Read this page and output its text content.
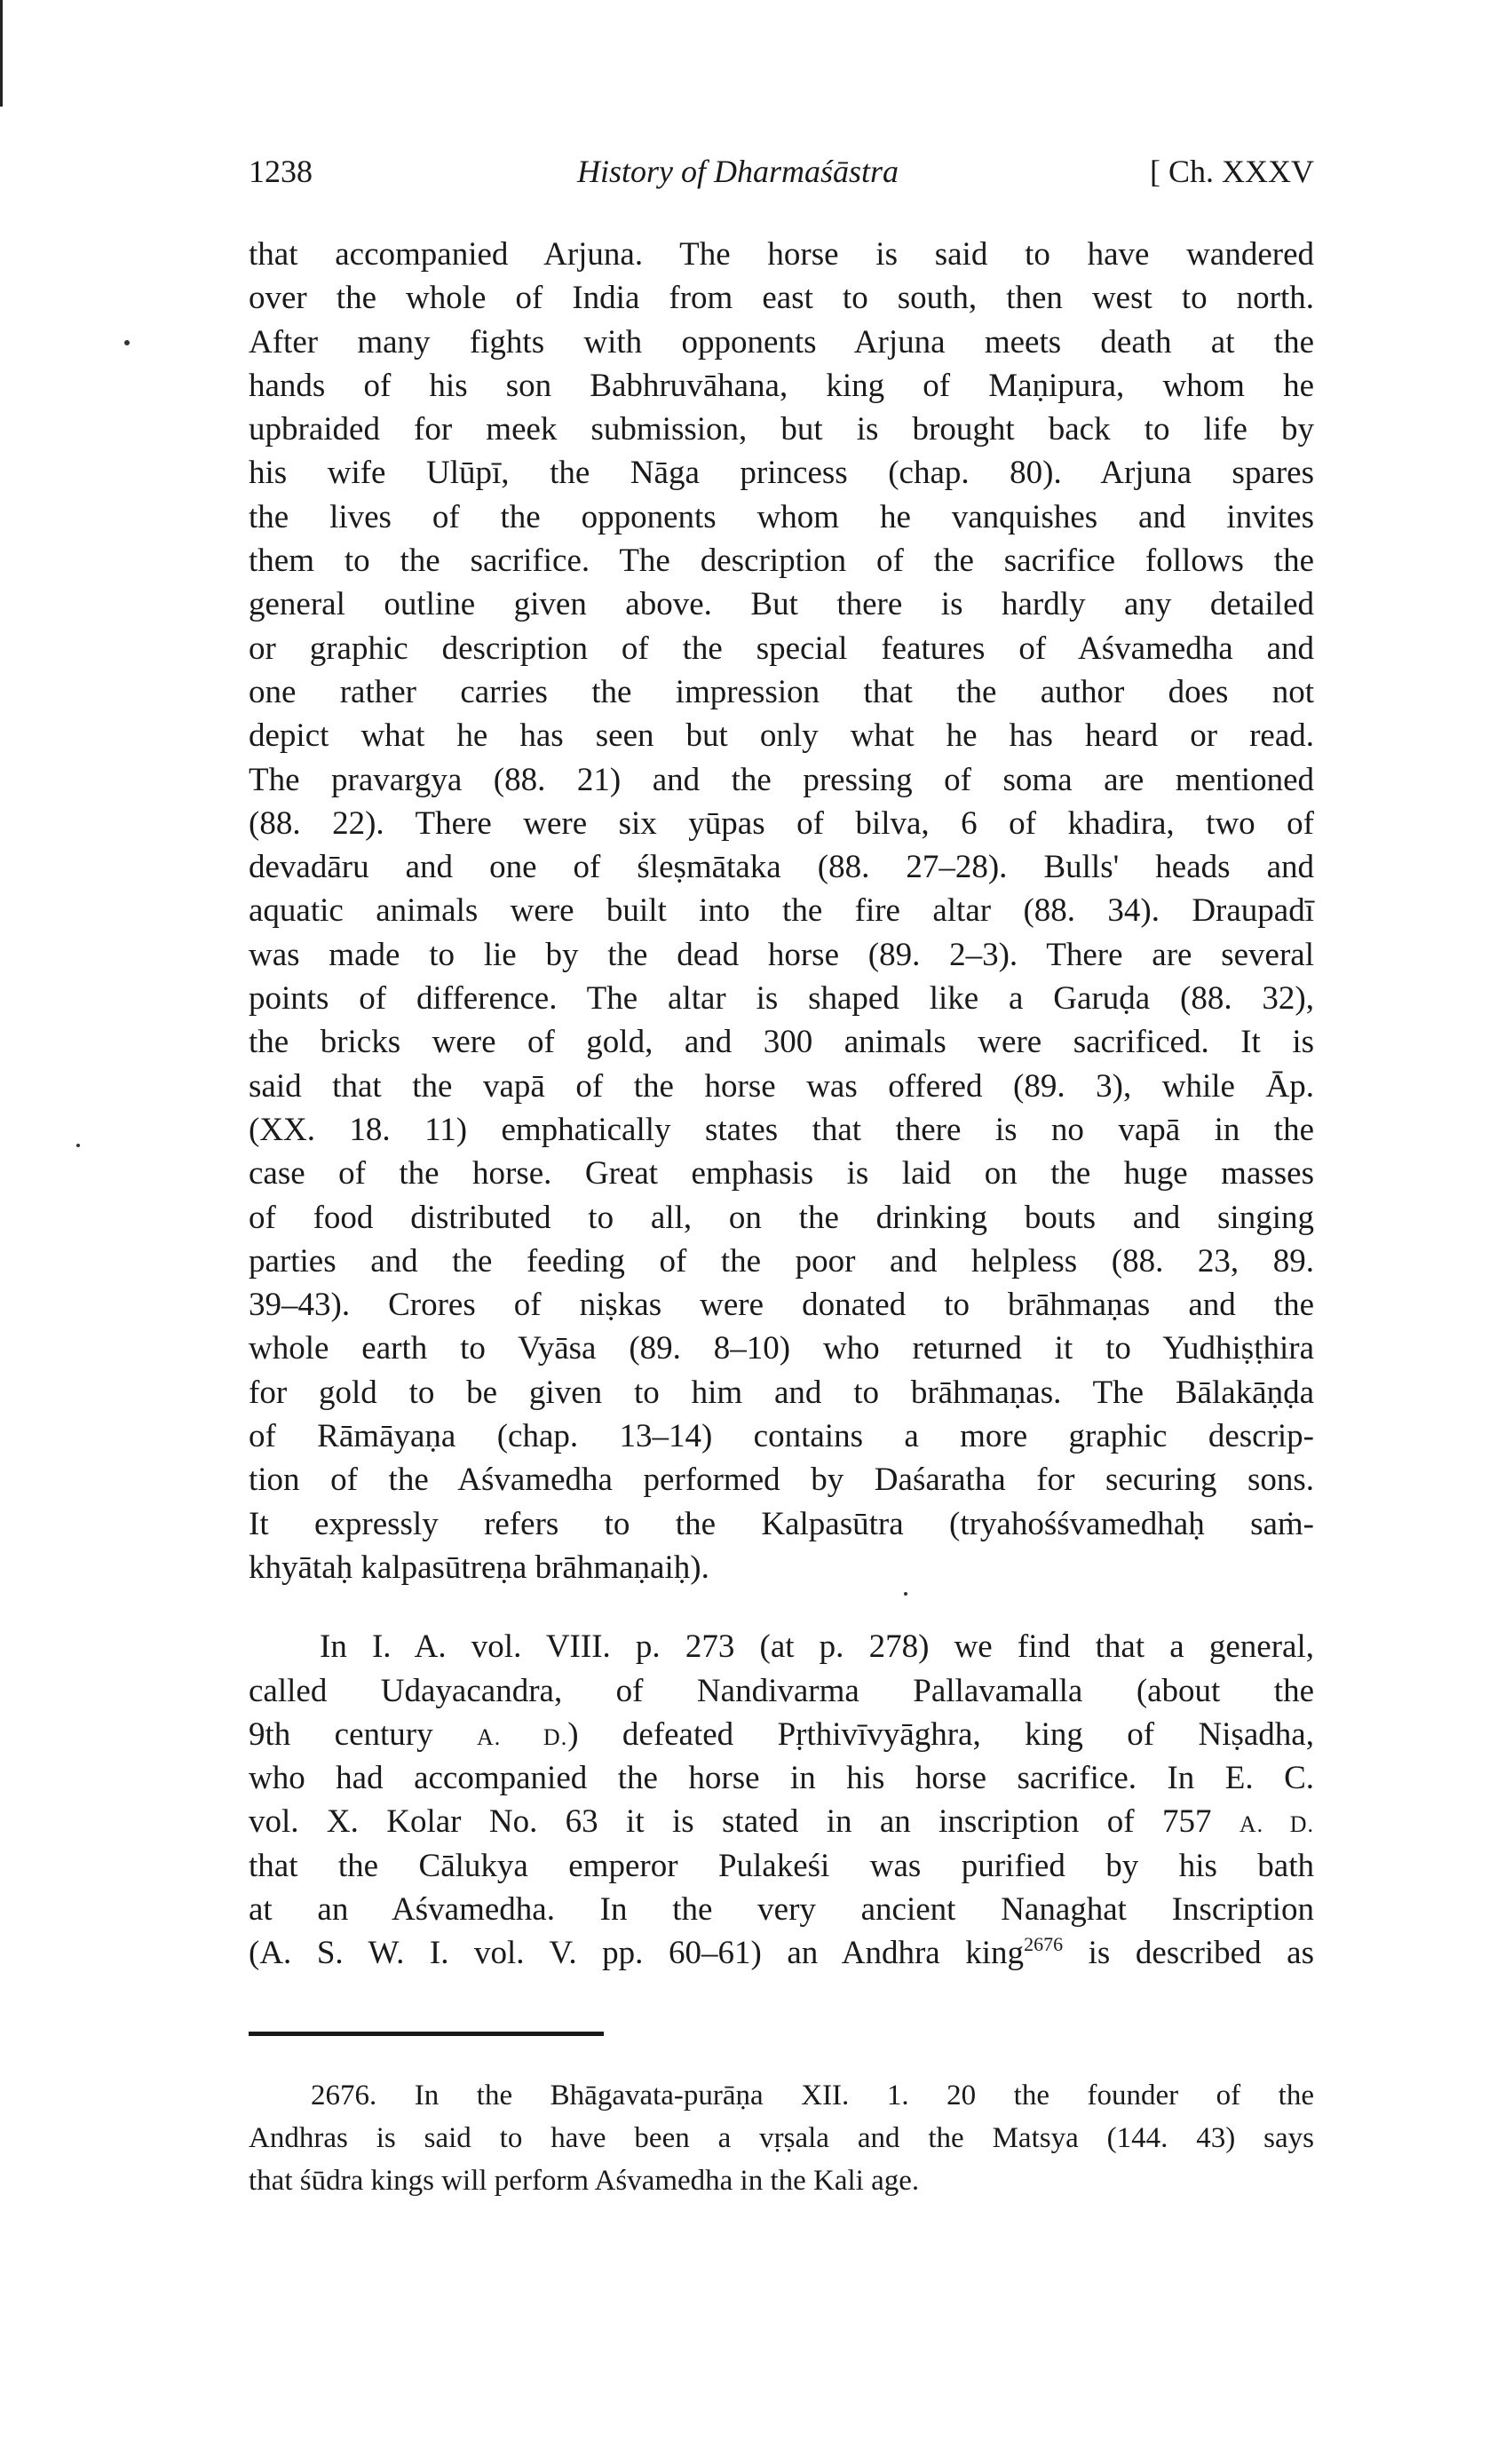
1238	History of Dharmaśāstra	[ Ch. XXXV
that accompanied Arjuna. The horse is said to have wandered
over the whole of India from east to south, then west to north.
After many fights with opponents Arjuna meets death at the
hands of his son Babhruvāhana, king of Maṇipura, whom he
upbraided for meek submission, but is brought back to life by
his wife Ulūpī, the Nāga princess (chap. 80). Arjuna spares
the lives of the opponents whom he vanquishes and invites
them to the sacrifice. The description of the sacrifice follows the
general outline given above. But there is hardly any detailed
or graphic description of the special features of Aśvamedha and
one rather carries the impression that the author does not
depict what he has seen but only what he has heard or read.
The pravargya (88. 21) and the pressing of soma are mentioned
(88. 22). There were six yūpas of bilva, 6 of khadira, two of
devadāru and one of śleṣmātaka (88. 27–28). Bulls' heads and
aquatic animals were built into the fire altar (88. 34). Draupadī
was made to lie by the dead horse (89. 2–3). There are several
points of difference. The altar is shaped like a Garuḍa (88. 32),
the bricks were of gold, and 300 animals were sacrificed. It is
said that the vapā of the horse was offered (89. 3), while Āp.
(XX. 18. 11) emphatically states that there is no vapā in the
case of the horse. Great emphasis is laid on the huge masses
of food distributed to all, on the drinking bouts and singing
parties and the feeding of the poor and helpless (88. 23, 89.
39–43). Crores of niṣkas were donated to brāhmaṇas and the
whole earth to Vyāsa (89. 8–10) who returned it to Yudhiṣṭhira
for gold to be given to him and to brāhmaṇas. The Bālakāṇḍa
of Rāmāyaṇa (chap. 13–14) contains a more graphic descrip-
tion of the Aśvamedha performed by Daśaratha for securing sons.
It expressly refers to the Kalpasūtra (tryahośśvamedhaḥ saṁ-
khyātaḥ kalpasūtreṇa brāhmaṇaiḥ).
In I. A. vol. VIII. p. 273 (at p. 278) we find that a general,
called Udayacandra, of Nandivarma Pallavamalla (about the
9th century A. D.) defeated Pṛthivīvyāghra, king of Niṣadha,
who had accompanied the horse in his horse sacrifice. In E. C.
vol. X. Kolar No. 63 it is stated in an inscription of 757 A. D.
that the Cālukya emperor Pulakeśi was purified by his bath
at an Aśvamedha. In the very ancient Nanaghat Inscription
(A. S. W. I. vol. V. pp. 60–61) an Andhra king$^{2676}$ is described as
2676. In the Bhāgavata-purāṇa XII. 1. 20 the founder of the
Andhras is said to have been a vṛṣala and the Matsya (144. 43) says
that śūdra kings will perform Aśvamedha in the Kali age.
